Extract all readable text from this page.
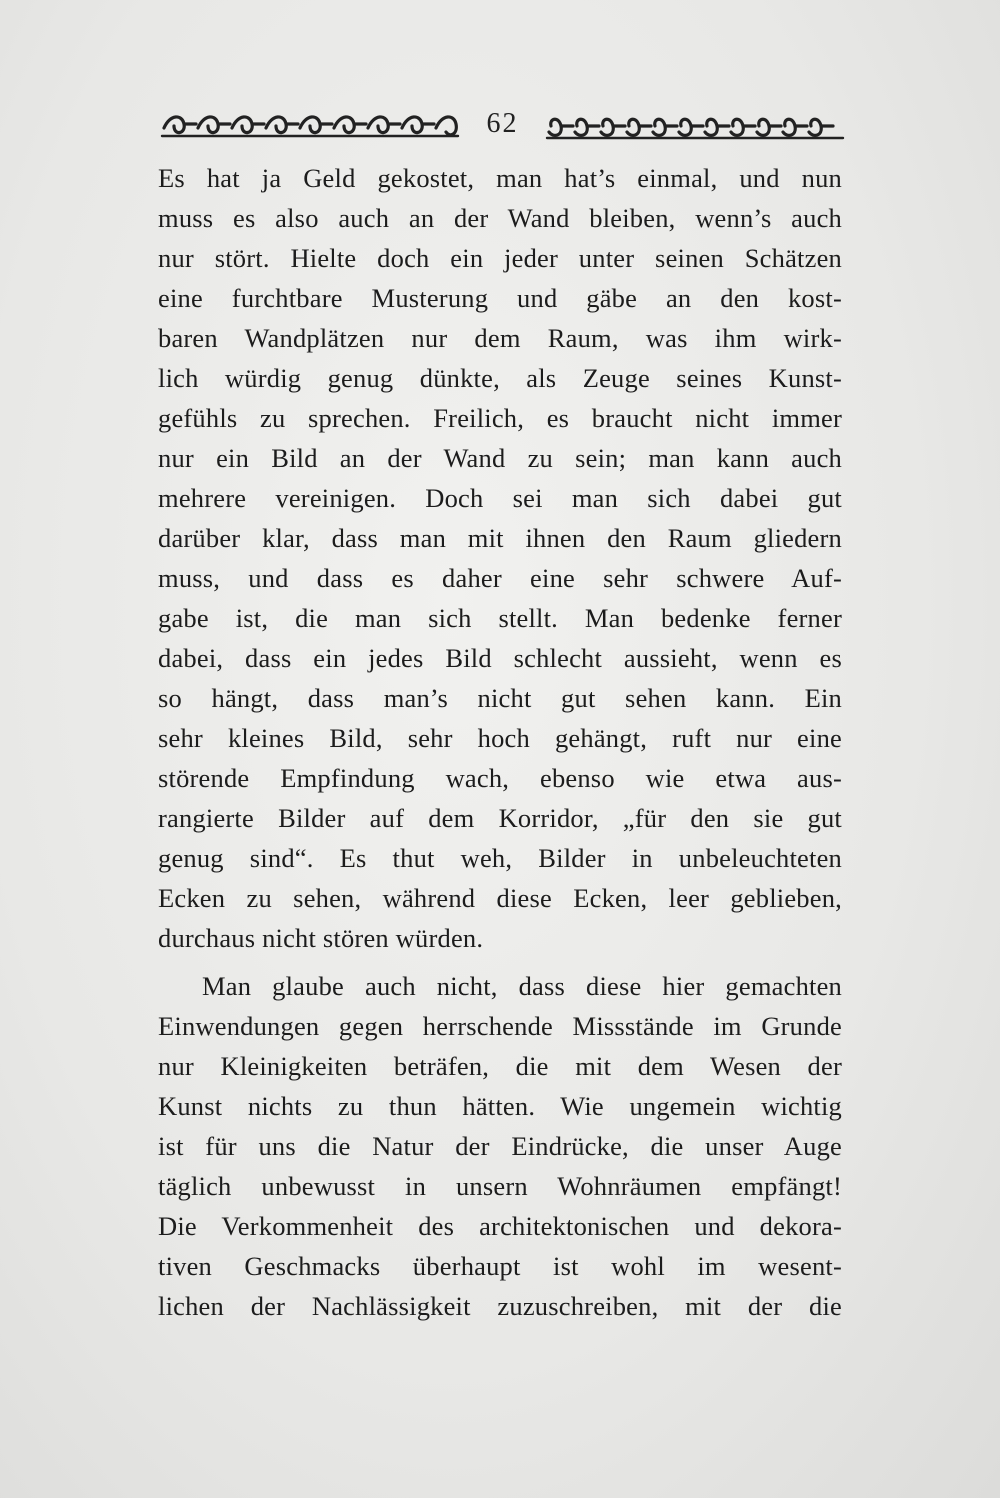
62
Es hat ja Geld gekostet, man hat’s einmal, und nun
muss es also auch an der Wand bleiben, wenn’s auch
nur stört. Hielte doch ein jeder unter seinen Schätzen
eine furchtbare Musterung und gäbe an den kost-
baren Wandplätzen nur dem Raum, was ihm wirk-
lich würdig genug dünkte, als Zeuge seines Kunst-
gefühls zu sprechen. Freilich, es braucht nicht immer
nur ein Bild an der Wand zu sein; man kann auch
mehrere vereinigen. Doch sei man sich dabei gut
darüber klar, dass man mit ihnen den Raum gliedern
muss, und dass es daher eine sehr schwere Auf-
gabe ist, die man sich stellt. Man bedenke ferner
dabei, dass ein jedes Bild schlecht aussieht, wenn es
so hängt, dass man’s nicht gut sehen kann. Ein
sehr kleines Bild, sehr hoch gehängt, ruft nur eine
störende Empfindung wach, ebenso wie etwa aus-
rangierte Bilder auf dem Korridor, „für den sie gut
genug sind“. Es thut weh, Bilder in unbeleuchteten
Ecken zu sehen, während diese Ecken, leer geblieben,
durchaus nicht stören würden.
Man glaube auch nicht, dass diese hier gemachten
Einwendungen gegen herrschende Missstände im Grunde
nur Kleinigkeiten beträfen, die mit dem Wesen der
Kunst nichts zu thun hätten. Wie ungemein wichtig
ist für uns die Natur der Eindrücke, die unser Auge
täglich unbewusst in unsern Wohnräumen empfängt!
Die Verkommenheit des architektonischen und dekora-
tiven Geschmacks überhaupt ist wohl im wesent-
lichen der Nachlässigkeit zuzuschreiben, mit der die
